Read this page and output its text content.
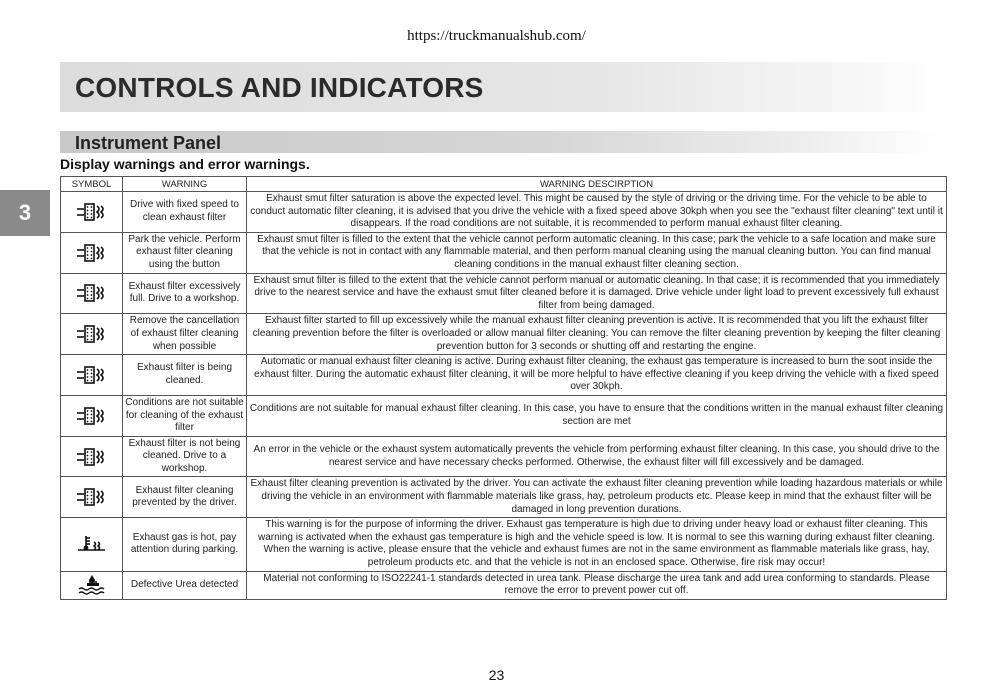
https://truckmanualshub.com/
CONTROLS AND INDICATORS
Instrument Panel
Display warnings and error warnings.
3
SYMBOL	WARNING	WARNING DESCIRPTION

	Drive with fixed speed to clean exhaust filter	Exhaust smut filter saturation is above the expected level. This might be caused by the style of driving or the driving time. For the vehicle to be able to conduct automatic filter cleaning, it is advised that you drive the vehicle with a fixed speed above 30kph when you see the "exhaust filter cleaning" text until it disappears. If the road conditions are not suitable, it is recommended to perform manual exhaust filter cleaning.

	Park the vehicle. Perform exhaust filter cleaning using the button	Exhaust smut filter is filled to the extent that the vehicle cannot perform automatic cleaning. In this case; park the vehicle to a safe location and make sure that the vehicle is not in contact with any flammable material, and then perform manual cleaning using the manual cleaning button. You can find manual cleaning conditions in the manual exhaust filter cleaning section.

	Exhaust filter excessively full. Drive to a workshop.	Exhaust smut filter is filled to the extent that the vehicle cannot perform manual or automatic cleaning. In that case; it is recommended that you immediately drive to the nearest service and have the exhaust smut filter cleaned before it is damaged. Drive vehicle under light load to prevent excessively full exhaust filter from being damaged.

	Remove the cancellation of exhaust filter cleaning when possible	Exhaust filter started to fill up excessively while the manual exhaust filter cleaning prevention is active. It is recommended that you lift the exhaust filter cleaning prevention before the filter is overloaded or allow manual filter cleaning. You can remove the filter cleaning prevention by keeping the filter cleaning prevention button for 3 seconds or shutting off and restarting the engine.

	Exhaust filter is being cleaned.	Automatic or manual exhaust filter cleaning is active. During exhaust filter cleaning, the exhaust gas temperature is increased to burn the soot inside the exhaust filter. During the automatic exhaust filter cleaning, it will be more helpful to have effective cleaning if you keep driving the vehicle with a fixed speed over 30kph.

	Conditions are not suitable for cleaning of the exhaust filter	Conditions are not suitable for manual exhaust filter cleaning. In this case, you have to ensure that the conditions written in the manual exhaust filter cleaning section are met

	Exhaust filter is not being cleaned. Drive to a workshop.	An error in the vehicle or the exhaust system automatically prevents the vehicle from performing exhaust filter cleaning. In this case, you should drive to the nearest service and have necessary checks performed. Otherwise, the exhaust filter will fill excessively and be damaged.

	Exhaust filter cleaning prevented by the driver.	Exhaust filter cleaning prevention is activated by the driver. You can activate the exhaust filter cleaning prevention while loading hazardous materials or while driving the vehicle in an environment with flammable materials like grass, hay, petroleum products etc. Please keep in mind that the exhaust filter will be damaged in long prevention durations.

	Exhaust gas is hot, pay attention during parking.	This warning is for the purpose of informing the driver. Exhaust gas temperature is high due to driving under heavy load or exhaust filter cleaning. This warning is activated when the exhaust gas temperature is high and the vehicle speed is low. It is normal to see this warning during exhaust filter cleaning. When the warning is active, please ensure that the vehicle and exhaust fumes are not in the same environment as flammable materials like grass, hay, petroleum products etc. and that the vehicle is not in an enclosed space. Otherwise, fire risk may occur!

	Defective Urea detected	Material not conforming to ISO22241-1 standards detected in urea tank. Please discharge the urea tank and add urea conforming to standards. Please remove the error to prevent power cut off.
23
